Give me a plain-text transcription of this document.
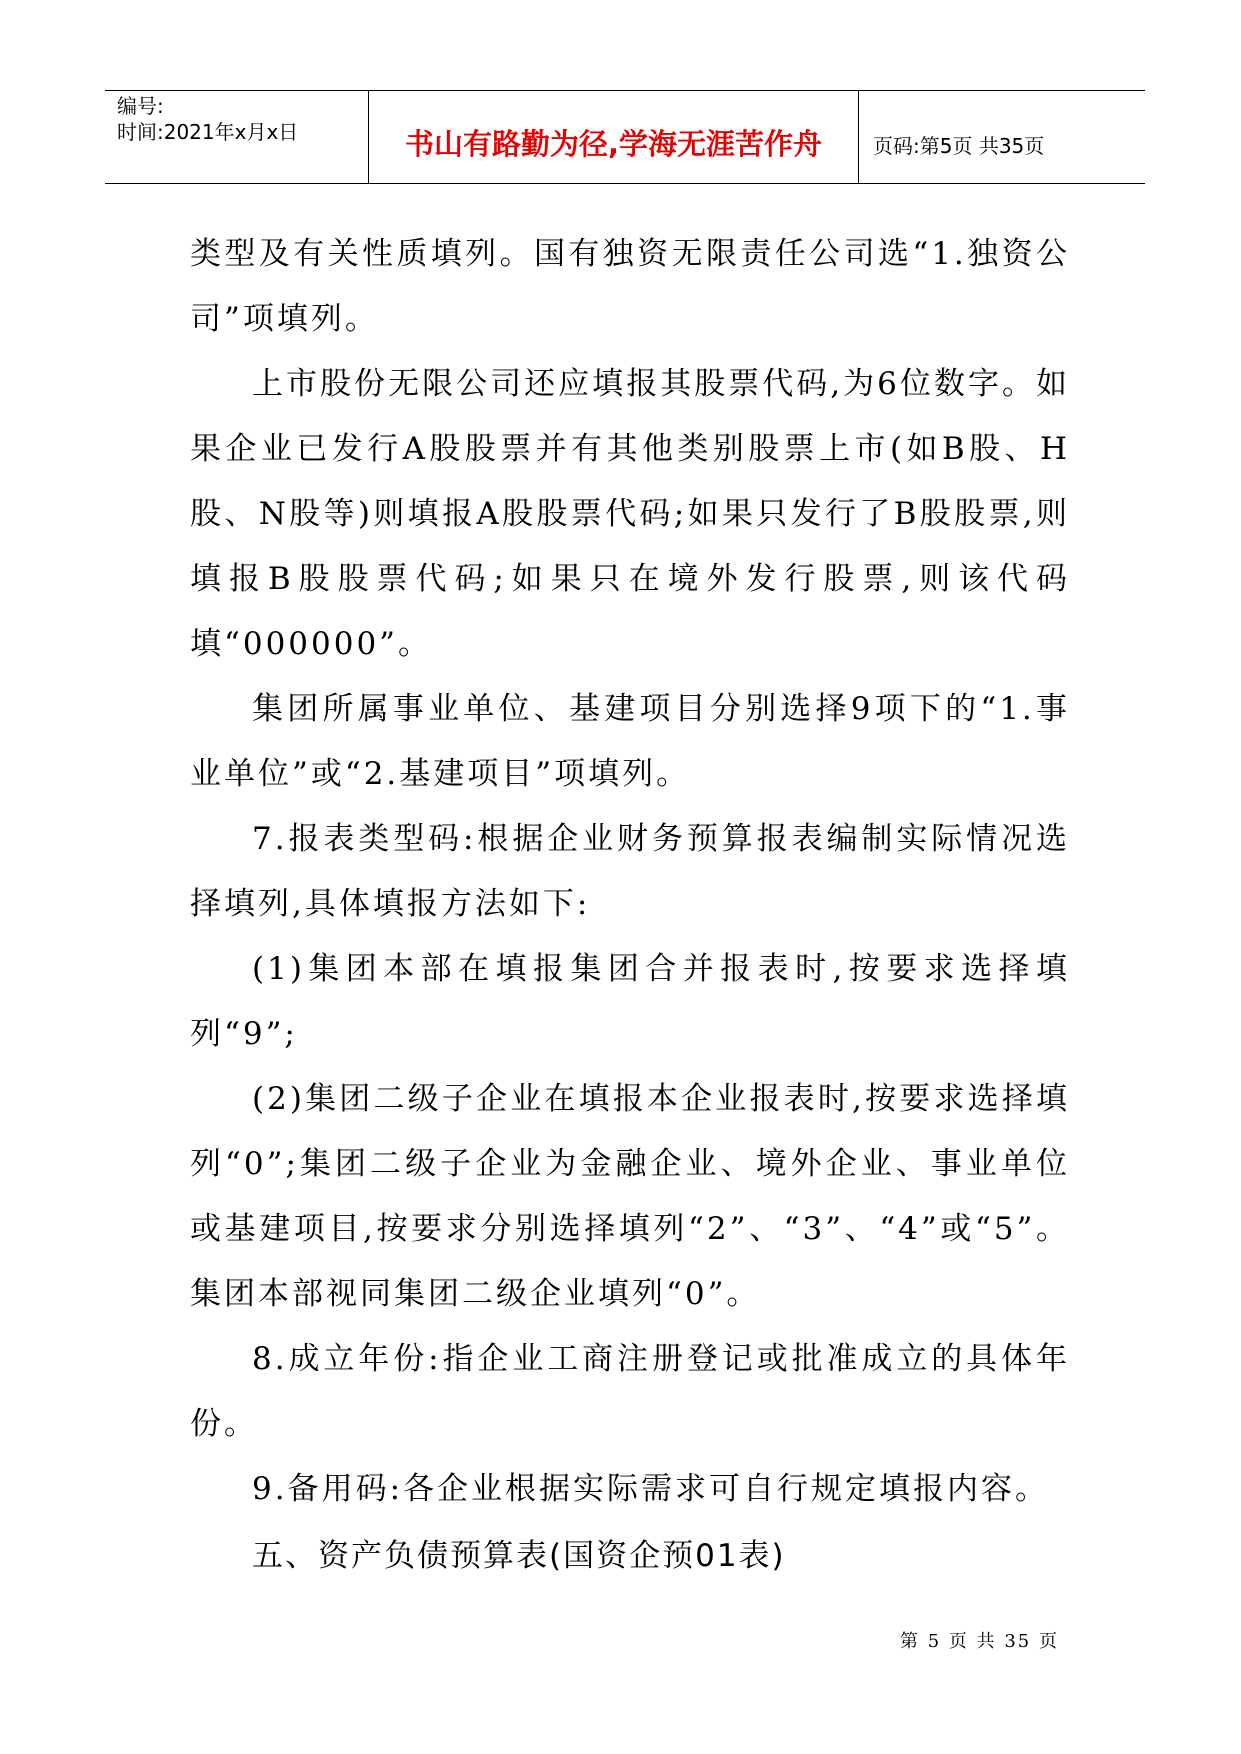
编号:
时间:2021年x月x日	书山有路勤为径,学海无涯苦作舟	页码:第5页 共35页

类型及有关性质填列。国有独资无限责任公司选“1.独资公司”项填列。

上市股份无限公司还应填报其股票代码,为6位数字。如果企业已发行A股股票并有其他类别股票上市(如B股、H股、N股等)则填报A股股票代码;如果只发行了B股股票,则填报B股股票代码;如果只在境外发行股票,则该代码填“000000”。

集团所属事业单位、基建项目分别选择9项下的“1.事业单位”或“2.基建项目”项填列。

7.报表类型码:根据企业财务预算报表编制实际情况选择填列,具体填报方法如下:

(1)集团本部在填报集团合并报表时,按要求选择填列“9”;

(2)集团二级子企业在填报本企业报表时,按要求选择填列“0”;集团二级子企业为金融企业、境外企业、事业单位或基建项目,按要求分别选择填列“2”、“3”、“4”或“5”。集团本部视同集团二级企业填列“0”。

8.成立年份:指企业工商注册登记或批准成立的具体年份。

9.备用码:各企业根据实际需求可自行规定填报内容。

五、资产负债预算表(国资企预01表)

第 5 页 共 35 页
